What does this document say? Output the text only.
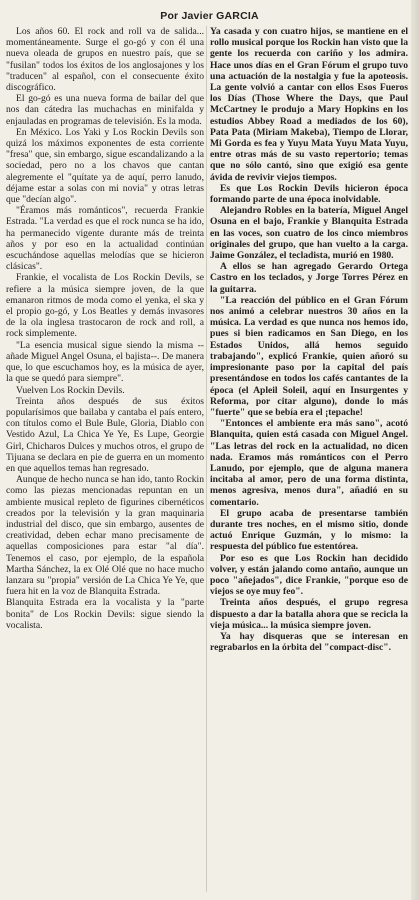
Por Javier GARCIA

Los años 60. El rock and roll va de salida... momentáneamente. Surge el go-gó y con él una nueva oleada de grupos en nuestro país, que se "fusilan" todos los éxitos de los anglosajones y los "traducen" al español, con el consecuente éxito discográfico.

El go-gó es una nueva forma de bailar del que nos dan cátedra las muchachas en minifalda y enjauladas en programas de televisión. Es la moda.

En México. Los Yaki y Los Rockin Devils son quizá los máximos exponentes de esta corriente "fresa" que, sin embargo, sigue escandalizando a la sociedad, pero no a los chavos que cantan alegremente el "quítate ya de aquí, perro lanudo, déjame estar a solas con mi novia" y otras letras que "decían algo".

"Éramos más románticos", recuerda Frankie Estrada. "La verdad es que el rock nunca se ha ido, ha permanecido vigente durante más de treinta años y por eso en la actualidad continúan escuchándose aquellas melodías que se hicieron clásicas".

Frankie, el vocalista de Los Rockin Devils, se refiere a la música siempre joven, de la que emanaron ritmos de moda como el yenka, el ska y el propio go-gó, y Los Beatles y demás invasores de la ola inglesa trastocaron de rock and roll, a rock simplemente.

"La esencia musical sigue siendo la misma --añade Miguel Angel Osuna, el bajista--. De manera que, lo que escuchamos hoy, es la música de ayer, la que se quedó para siempre".

Vuelven Los Rockin Devils.

Treinta años después de sus éxitos popularísimos que bailaba y cantaba el país entero, con títulos como el Bule Bule, Gloria, Diablo con Vestido Azul, La Chica Ye Ye, Es Lupe, Georgie Girl, Chicharos Dulces y muchos otros, el grupo de Tijuana se declara en pie de guerra en un momento en que aquellos temas han regresado.

Aunque de hecho nunca se han ido, tanto Rockin como las piezas mencionadas repuntan en un ambiente musical repleto de figurines cibernéticos creados por la televisión y la gran maquinaria industrial del disco, que sin embargo, ausentes de creatividad, deben echar mano precisamente de aquellas composiciones para estar "al día". Tenemos el caso, por ejemplo, de la española Martha Sánchez, la ex Olé Olé que no hace mucho lanzara su "propia" versión de La Chica Ye Ye, que fuera hit en la voz de Blanquita Estrada.

Blanquita Estrada era la vocalista y la "parte bonita" de Los Rockin Devils: sigue siendo la vocalista.

Ya casada y con cuatro hijos, se mantiene en el rollo musical porque los Rockin han visto que la gente los recuerda con cariño y los admira. Hace unos días en el Gran Fórum el grupo tuvo una actuación de la nostalgia y fue la apoteosis. La gente volvió a cantar con ellos Esos Fueros los Días (Those Where the Days, que Paul McCartney le produjo a Mary Hopkins en los estudios Abbey Road a mediados de los 60), Pata Pata (Miriam Makeba), Tiempo de Llorar, Mi Gorda es fea y Yuyu Mata Yuyu Mata Yuyu, entre otras más de su vasto repertorio; temas que no sólo cantó, sino que exigió esa gente ávida de revivir viejos tiempos.

Es que Los Rockin Devils hicieron época formando parte de una época inolvidable.

Alejandro Robles en la batería, Miguel Angel Osuna en el bajo, Frankie y Blanquita Estrada en las voces, son cuatro de los cinco miembros originales del grupo, que han vuelto a la carga. Jaime González, el tecladista, murió en 1980.

A ellos se han agregado Gerardo Ortega Castro en los teclados, y Jorge Torres Pérez en la guitarra.

"La reacción del público en el Gran Fórum nos animó a celebrar nuestros 30 años en la música. La verdad es que nunca nos hemos ido, pues si bien radicamos en San Diego, en los Estados Unidos, allá hemos seguido trabajando", explicó Frankie, quien añoró su impresionante paso por la capital del país presentándose en todos los cafés cantantes de la época (el Apleil Soleil, aquí en Insurgentes y Reforma, por citar alguno), donde lo más "fuerte" que se bebía era el ¡tepache!

"Entonces el ambiente era más sano", acotó Blanquita, quien está casada con Miguel Angel. "Las letras del rock en la actualidad, no dicen nada. Eramos más románticos con el Perro Lanudo, por ejemplo, que de alguna manera incitaba al amor, pero de una forma distinta, menos agresiva, menos dura", añadió en su comentario.

El grupo acaba de presentarse también durante tres noches, en el mismo sitio, donde actuó Enrique Guzmán, y lo mismo: la respuesta del público fue estentórea.

Por eso es que Los Rockin han decidido volver, y están jalando como antaño, aunque un poco "añejados", dice Frankie, "porque eso de viejos se oye muy feo".

Treinta años después, el grupo regresa dispuesto a dar la batalla ahora que se recicla la vieja música... la música siempre joven.

Ya hay disqueras que se interesan en regrabarlos en la órbita del "compact-disc".
